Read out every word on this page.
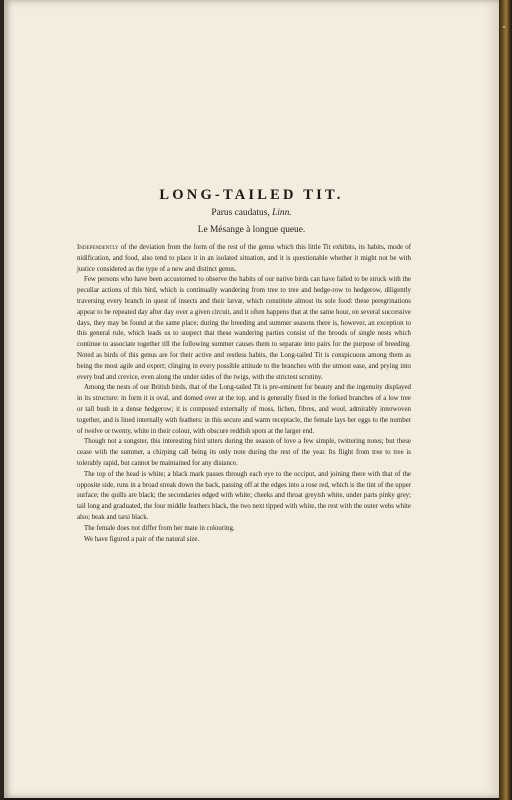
LONG-TAILED TIT.
Parus caudatus, Linn.
Le Mésange à longue queue.

Independently of the deviation from the form of the rest of the genus which this little Tit exhibits, its habits, mode of nidification, and food, also tend to place it in an isolated situation, and it is questionable whether it might not be with justice considered as the type of a new and distinct genus.

Few persons who have been accustomed to observe the habits of our native birds can have failed to be struck with the peculiar actions of this bird, which is continually wandering from tree to tree and hedge-row to hedgerow, diligently traversing every branch in quest of insects and their larvæ, which constitute almost its sole food: these peregrinations appear to be repeated day after day over a given circuit, and it often happens that at the same hour, on several successive days, they may be found at the same place; during the breeding and summer seasons there is, however, an exception to this general rule, which leads us to suspect that these wandering parties consist of the broods of single nests which continue to associate together till the following summer causes them to separate into pairs for the purpose of breeding. Noted as birds of this genus are for their active and restless habits, the Long-tailed Tit is conspicuous among them as being the most agile and expert; clinging in every possible attitude to the branches with the utmost ease, and prying into every bud and crevice, even along the under sides of the twigs, with the strictest scrutiny.

Among the nests of our British birds, that of the Long-tailed Tit is pre-eminent for beauty and the ingenuity displayed in its structure: in form it is oval, and domed over at the top, and is generally fixed in the forked branches of a low tree or tall bush in a dense hedgerow; it is composed externally of moss, lichen, fibres, and wool, admirably interwoven together, and is lined internally with feathers: in this secure and warm receptacle, the female lays her eggs to the number of twelve or twenty, white in their colour, with obscure reddish spots at the larger end.

Though not a songster, this interesting bird utters during the season of love a few simple, twittering notes; but these cease with the summer, a chirping call being its only note during the rest of the year. Its flight from tree to tree is tolerably rapid, but cannot be maintained for any distance.

The top of the head is white; a black mark passes through each eye to the occiput, and joining there with that of the opposite side, runs in a broad streak down the back, passing off at the edges into a rose red, which is the tint of the upper surface; the quills are black; the secondaries edged with white; cheeks and throat greyish white, under parts pinky grey; tail long and graduated, the four middle feathers black, the two next tipped with white, the rest with the outer webs white also; beak and tarsi black.

The female does not differ from her mate in colouring.

We have figured a pair of the natural size.
